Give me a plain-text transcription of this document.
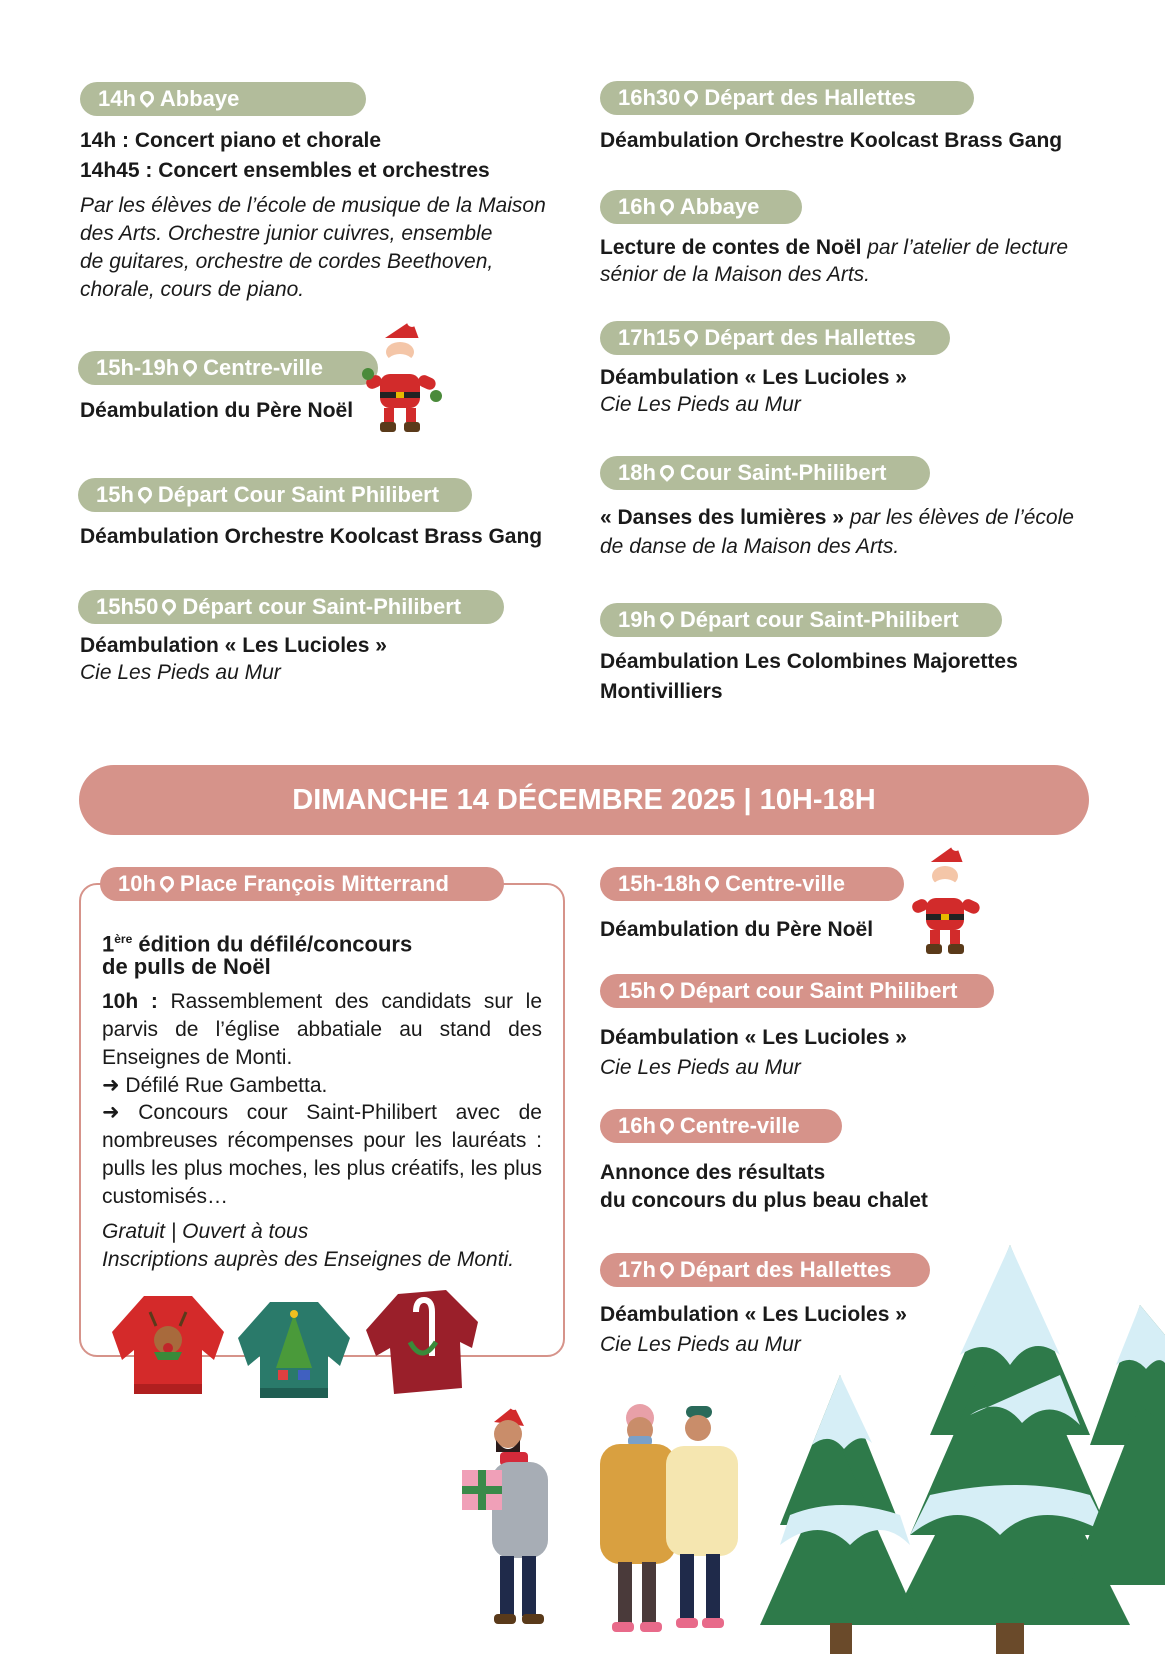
14h Abbaye
14h : Concert piano et chorale
14h45 : Concert ensembles et orchestres
Par les élèves de l’école de musique de la Maison
des Arts. Orchestre junior cuivres, ensemble
de guitares, orchestre de cordes Beethoven,
chorale, cours de piano.
15h-19h Centre-ville
Déambulation du Père Noël
15h Départ Cour Saint Philibert
Déambulation Orchestre Koolcast Brass Gang
15h50 Départ cour Saint-Philibert
Déambulation « Les Lucioles »
Cie Les Pieds au Mur
16h30 Départ des Hallettes
Déambulation Orchestre Koolcast Brass Gang
16h Abbaye
Lecture de contes de Noël par l’atelier de lecture
sénior de la Maison des Arts.
17h15 Départ des Hallettes
Déambulation « Les Lucioles »
Cie Les Pieds au Mur
18h Cour Saint-Philibert
« Danses des lumières » par les élèves de l’école
de danse de la Maison des Arts.
19h Départ cour Saint-Philibert
Déambulation Les Colombines Majorettes
Montivilliers
DIMANCHE 14 DÉCEMBRE 2025 | 10H-18H
10h Place François Mitterrand
1ère édition du défilé/concours
de pulls de Noël
10h : Rassemblement des candidats sur le parvis de l’église abbatiale au stand des Enseignes de Monti.
➜ Défilé Rue Gambetta.
➜ Concours cour Saint-Philibert avec de nombreuses récompenses pour les lauréats : pulls les plus moches, les plus créatifs, les plus customisés…
Gratuit | Ouvert à tous
Inscriptions auprès des Enseignes de Monti.
15h-18h Centre-ville
Déambulation du Père Noël
15h Départ cour Saint Philibert
Déambulation « Les Lucioles »
Cie Les Pieds au Mur
16h Centre-ville
Annonce des résultats
du concours du plus beau chalet
17h Départ des Hallettes
Déambulation « Les Lucioles »
Cie Les Pieds au Mur
